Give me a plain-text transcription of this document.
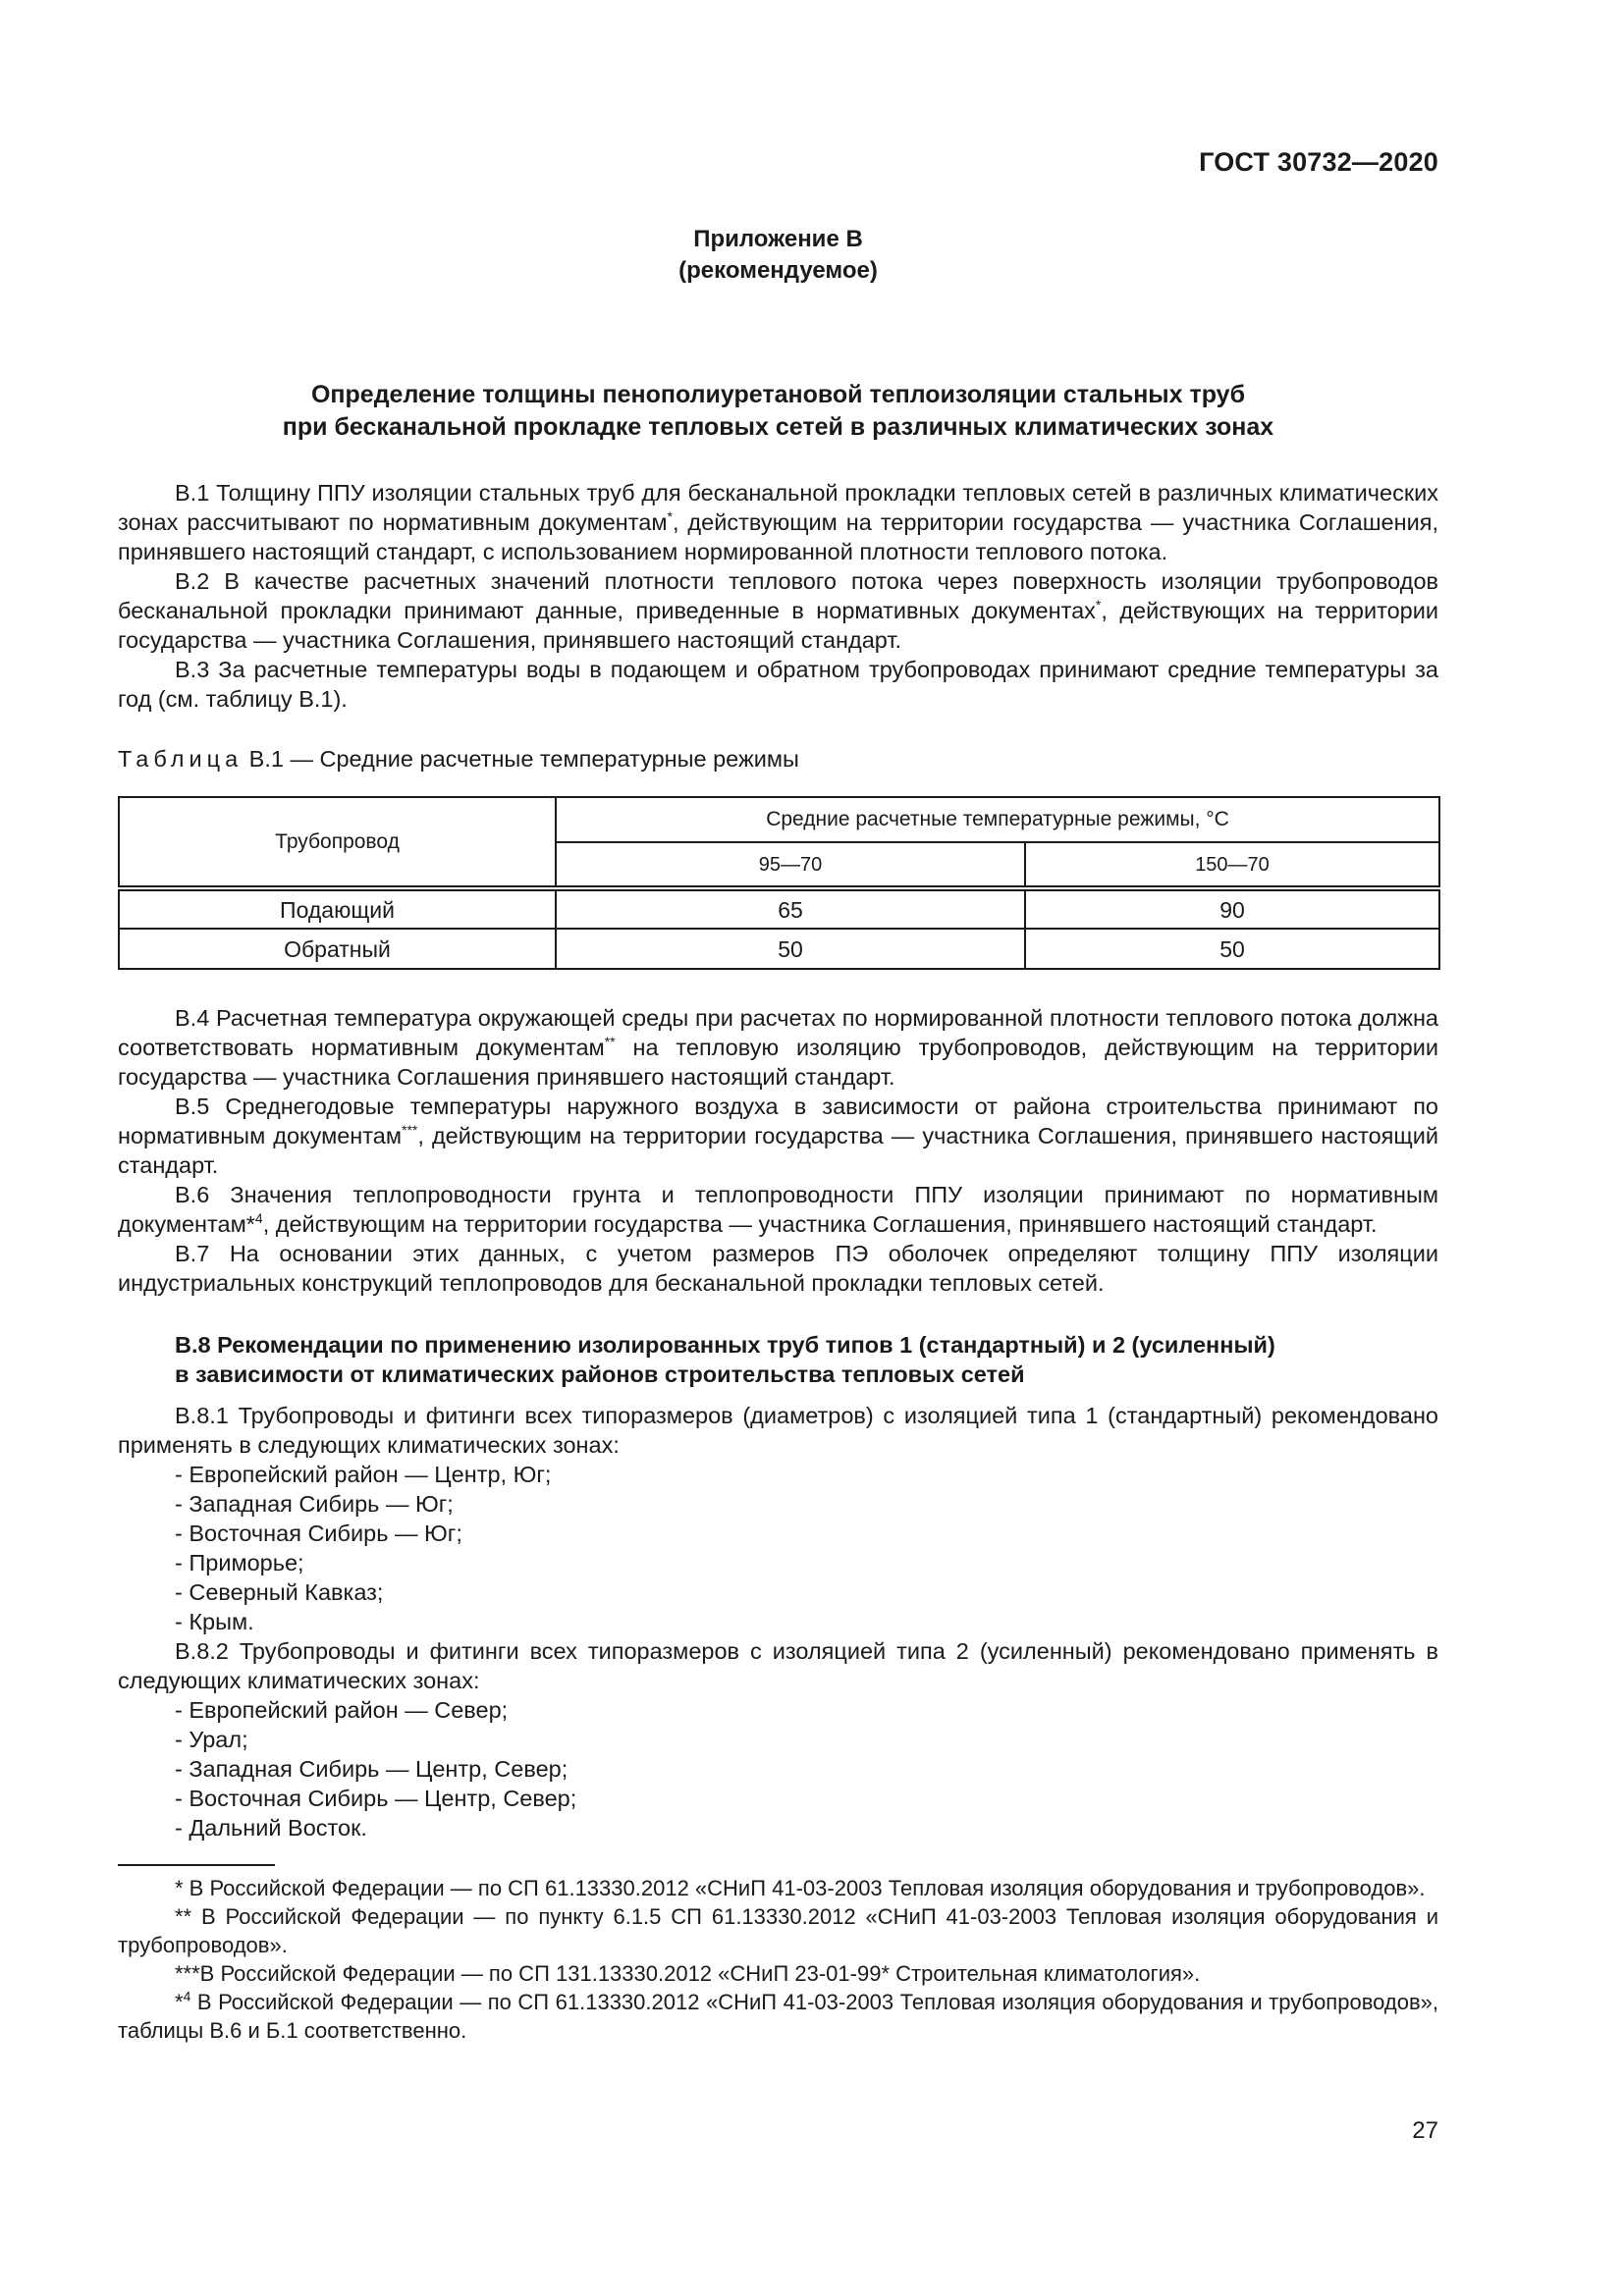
ГОСТ 30732—2020
Приложение В
(рекомендуемое)
Определение толщины пенополиуретановой теплоизоляции стальных труб
при бесканальной прокладке тепловых сетей в различных климатических зонах

В.1 Толщину ППУ изоляции стальных труб для бесканальной прокладки тепловых сетей в различных климатических зонах рассчитывают по нормативным документам*, действующим на территории государства — участника Соглашения, принявшего настоящий стандарт, с использованием нормированной плотности теплового потока.

В.2 В качестве расчетных значений плотности теплового потока через поверхность изоляции трубопроводов бесканальной прокладки принимают данные, приведенные в нормативных документах*, действующих на территории государства — участника Соглашения, принявшего настоящий стандарт.

В.3 За расчетные температуры воды в подающем и обратном трубопроводах принимают средние температуры за год (см. таблицу В.1).

Таблица В.1 — Средние расчетные температурные режимы
Трубопровод	Средние расчетные температурные режимы, °С	
	95—70	150—70
Подающий	65	90
Обратный	50	50

В.4 Расчетная температура окружающей среды при расчетах по нормированной плотности теплового потока должна соответствовать нормативным документам** на тепловую изоляцию трубопроводов, действующим на территории государства — участника Соглашения принявшего настоящий стандарт.

В.5 Среднегодовые температуры наружного воздуха в зависимости от района строительства принимают по нормативным документам***, действующим на территории государства — участника Соглашения, принявшего настоящий стандарт.

В.6 Значения теплопроводности грунта и теплопроводности ППУ изоляции принимают по нормативным документам*$^4$, действующим на территории государства — участника Соглашения, принявшего настоящий стандарт.

В.7 На основании этих данных, с учетом размеров ПЭ оболочек определяют толщину ППУ изоляции индустриальных конструкций теплопроводов для бесканальной прокладки тепловых сетей.

В.8 Рекомендации по применению изолированных труб типов 1 (стандартный) и 2 (усиленный)

в зависимости от климатических районов строительства тепловых сетей

В.8.1 Трубопроводы и фитинги всех типоразмеров (диаметров) с изоляцией типа 1 (стандартный) рекомендовано применять в следующих климатических зонах:

- Европейский район — Центр, Юг;
- Западная Сибирь — Юг;
- Восточная Сибирь — Юг;
- Приморье;
- Северный Кавказ;
- Крым.

В.8.2 Трубопроводы и фитинги всех типоразмеров с изоляцией типа 2 (усиленный) рекомендовано применять в следующих климатических зонах:

- Европейский район — Север;
- Урал;
- Западная Сибирь — Центр, Север;
- Восточная Сибирь — Центр, Север;
- Дальний Восток.

* В Российской Федерации — по СП 61.13330.2012 «СНиП 41-03-2003 Тепловая изоляция оборудования и трубопроводов».

** В Российской Федерации — по пункту 6.1.5 СП 61.13330.2012 «СНиП 41-03-2003 Тепловая изоляция оборудования и трубопроводов».

***В Российской Федерации — по СП 131.13330.2012 «СНиП 23-01-99* Строительная климатология».

*$^4$ В Российской Федерации — по СП 61.13330.2012 «СНиП 41-03-2003 Тепловая изоляция оборудования и трубопроводов», таблицы В.6 и Б.1 соответственно.

27
